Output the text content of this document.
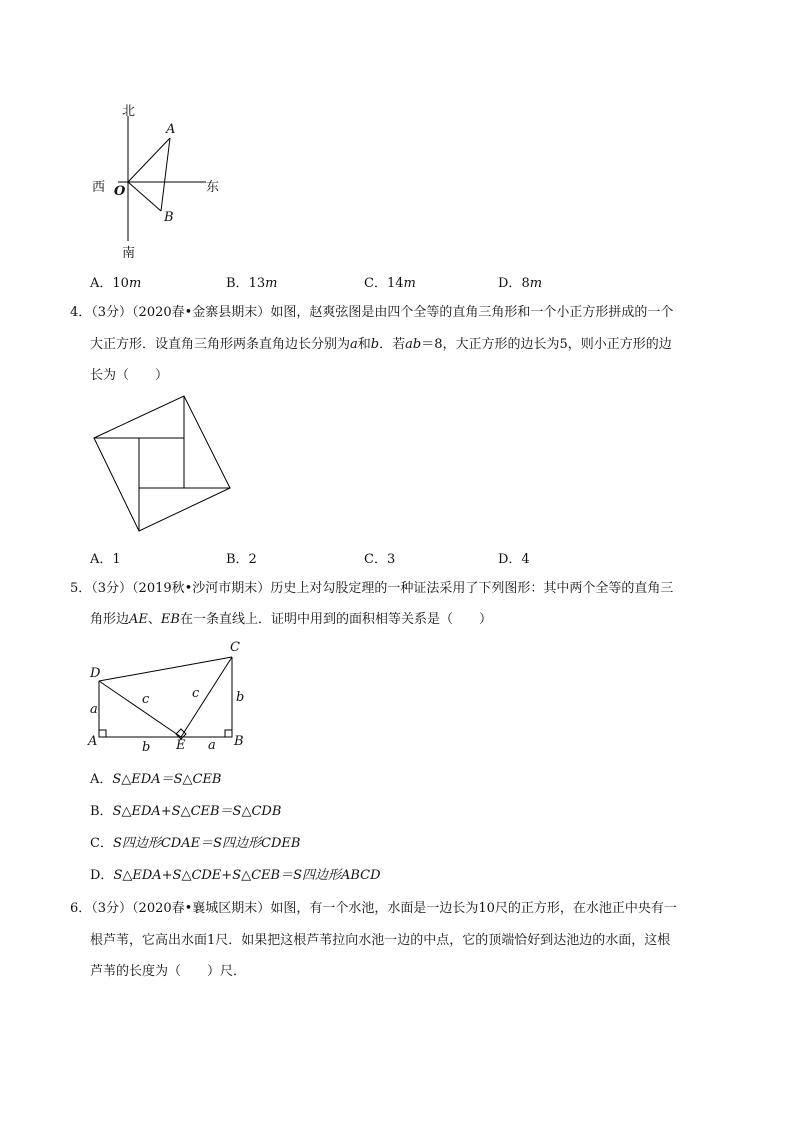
北
南
西	东
O
A
B
A．10m	B．13m	C．14m	D．8m
4．（3分）（2020春•金寨县期末）如图，赵爽弦图是由四个全等的直角三角形和一个小正方形拼成的一个
大正方形．设直角三角形两条直角边长分别为a和b．若ab＝8，大正方形的边长为5，则小正方形的边
长为（　　）
A．1	B．2	C．3	D．4
5．（3分）（2019秋•沙河市期末）历史上对勾股定理的一种证法采用了下列图形：其中两个全等的直角三
角形边AE、EB在一条直线上．证明中用到的面积相等关系是（　　）
D
C
A	E	B
a
c	c	b
b	a
A．S△EDA＝S△CEB
B．S△EDA+S△CEB＝S△CDB
C．S四边形CDAE＝S四边形CDEB
D．S△EDA+S△CDE+S△CEB＝S四边形ABCD
6．（3分）（2020春•襄城区期末）如图，有一个水池，水面是一边长为10尺的正方形，在水池正中央有一
根芦苇，它高出水面1尺．如果把这根芦苇拉向水池一边的中点，它的顶端恰好到达池边的水面，这根
芦苇的长度为（　　）尺．
